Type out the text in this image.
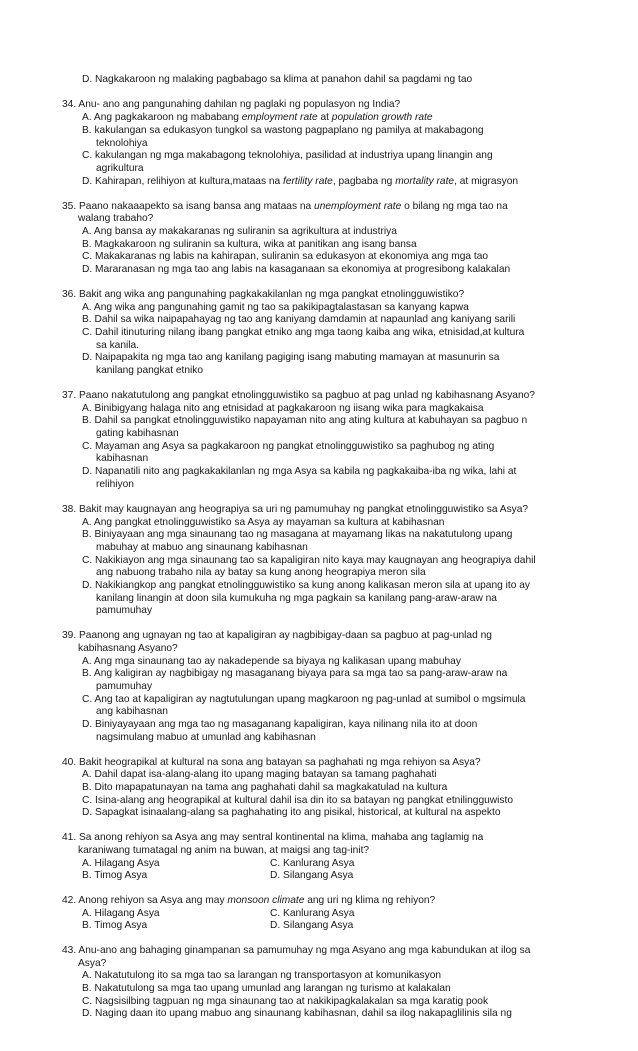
D. Nagkakaroon ng malaking pagbabago sa klima at panahon dahil sa pagdami ng tao
34. Anu- ano ang pangunahing dahilan ng paglaki ng populasyon ng India?
A. Ang pagkakaroon ng mababang employment rate at population growth rate
B. kakulangan sa edukasyon tungkol sa wastong pagpaplano ng pamilya at makabagong
teknolohiya
C. kakulangan ng mga makabagong teknolohiya, pasilidad at industriya upang linangin ang
agrikultura
D. Kahirapan, relihiyon at kultura,mataas na fertility rate, pagbaba ng mortality rate, at migrasyon
35. Paano nakaaapekto sa isang bansa ang mataas na unemployment rate o bilang ng mga tao na
walang trabaho?
A. Ang bansa ay makakaranas ng suliranin sa agrikultura at industriya
B. Magkakaroon ng suliranin sa kultura, wika at panitikan ang isang bansa
C. Makakaranas ng labis na kahirapan, suliranin sa edukasyon at ekonomiya ang mga tao
D. Mararanasan ng mga tao ang labis na kasaganaan sa ekonomiya at progresibong kalakalan
36. Bakit ang wika ang pangunahing pagkakakilanlan ng mga pangkat etnolingguwistiko?
A. Ang wika ang pangunahing gamit ng tao sa pakikipagtalastasan sa kanyang kapwa
B. Dahil sa wika naipapahayag ng tao ang kaniyang damdamin at napaunlad ang kaniyang sarili
C. Dahil itinuturing nilang ibang pangkat etniko ang mga taong kaiba ang wika, etnisidad,at kultura
sa kanila.
D. Naipapakita ng mga tao ang kanilang pagiging isang mabuting mamayan at masunurin sa
kanilang pangkat etniko
37. Paano nakatutulong ang pangkat etnolingguwistiko sa pagbuo at pag unlad ng kabihasnang Asyano?
A. Binibigyang halaga nito ang etnisidad at pagkakaroon ng iisang wika para magkakaisa
B. Dahil sa pangkat etnolingguwistiko napayaman nito ang ating kultura at kabuhayan sa pagbuo n
gating kabihasnan
C. Mayaman ang Asya sa pagkakaroon ng pangkat etnolingguwistiko sa paghubog ng ating
kabihasnan
D. Napanatili nito ang pagkakakilanlan ng mga Asya sa kabila ng pagkakaiba-iba ng wika, lahi at
relihiyon
38. Bakit may kaugnayan ang heograpiya sa uri ng pamumuhay ng pangkat etnolingguwistiko sa Asya?
A. Ang pangkat etnolingguwistiko sa Asya ay mayaman sa kultura at kabihasnan
B. Biniyayaan ang mga sinaunang tao ng masagana at mayamang likas na nakatutulong upang
mabuhay at mabuo ang sinaunang kabihasnan
C. Nakikiayon ang mga sinaunang tao sa kapaligiran nito kaya may kaugnayan ang heograpiya dahil
ang nabuong trabaho nila ay batay sa kung anong heograpiya meron sila
D. Nakikiangkop ang pangkat etnolingguwistiko sa kung anong kalikasan meron sila at upang ito ay
kanilang linangin at doon sila kumukuha ng mga pagkain sa kanilang pang-araw-araw na
pamumuhay
39. Paanong ang ugnayan ng tao at kapaligiran ay nagbibigay-daan sa pagbuo at pag-unlad ng
kabihasnang Asyano?
A. Ang mga sinaunang tao ay nakadepende sa biyaya ng kalikasan upang mabuhay
B. Ang kaligiran ay nagbibigay ng masaganang biyaya para sa mga tao sa pang-araw-araw na
pamumuhay
C. Ang tao at kapaligiran ay nagtutulungan upang magkaroon ng pag-unlad at sumibol o mgsimula
ang kabihasnan
D. Biniyayayaan ang mga tao ng masaganang kapaligiran, kaya nilinang nila ito at doon
nagsimulang mabuo at umunlad ang kabihasnan
40. Bakit heograpikal at kultural na sona ang batayan sa paghahati ng mga rehiyon sa Asya?
A. Dahil dapat isa-alang-alang ito upang maging batayan sa tamang paghahati
B. Dito mapapatunayan na tama ang paghahati dahil sa magkakatulad na kultura
C. Isina-alang ang heograpikal at kultural dahil isa din ito sa batayan ng pangkat etnilingguwisto
D. Sapagkat isinaalang-alang sa paghahating ito ang pisikal, historical, at kultural na aspekto
41. Sa anong rehiyon sa Asya ang may sentral kontinental na klima, mahaba ang taglamig na
karaniwang tumatagal ng anim na buwan, at maigsi ang tag-init?
A. Hilagang Asya	C. Kanlurang Asya
B. Timog Asya	D. Silangang Asya
42. Anong rehiyon sa Asya ang may monsoon climate ang uri ng klima ng rehiyon?
A. Hilagang Asya	C. Kanlurang Asya
B. Timog Asya	D. Silangang Asya
43. Anu-ano ang bahaging ginampanan sa pamumuhay ng mga Asyano ang mga kabundukan at ilog sa
Asya?
A. Nakatutulong ito sa mga tao sa larangan ng transportasyon at komunikasyon
B. Nakatutulong sa mga tao upang umunlad ang larangan ng turismo at kalakalan
C. Nagsisilbing tagpuan ng mga sinaunang tao at nakikipagkalakalan sa mga karatig pook
D. Naging daan ito upang mabuo ang sinaunang kabihasnan, dahil sa ilog nakapaglilinis sila ng
